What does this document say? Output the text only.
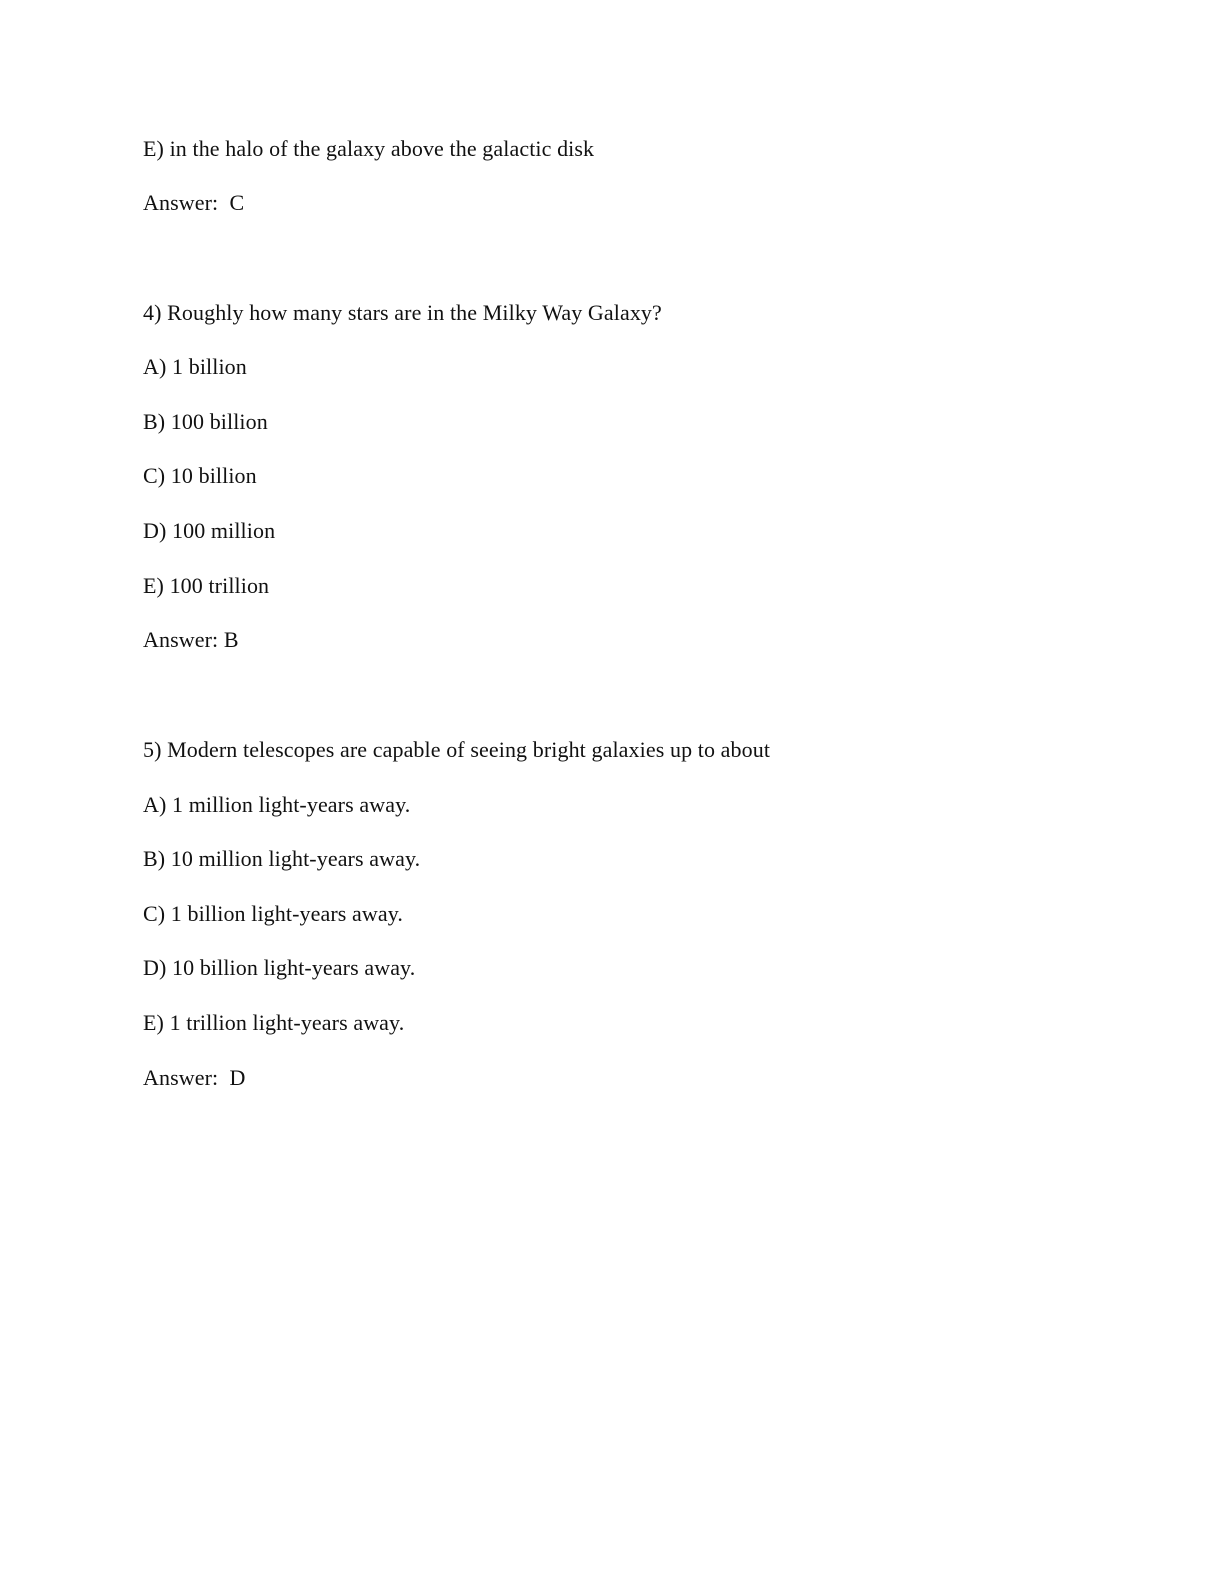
E) in the halo of the galaxy above the galactic disk
Answer:  C
4) Roughly how many stars are in the Milky Way Galaxy?
A) 1 billion
B) 100 billion
C) 10 billion
D) 100 million
E) 100 trillion
Answer: B
5) Modern telescopes are capable of seeing bright galaxies up to about
A) 1 million light-years away.
B) 10 million light-years away.
C) 1 billion light-years away.
D) 10 billion light-years away.
E) 1 trillion light-years away.
Answer:  D
